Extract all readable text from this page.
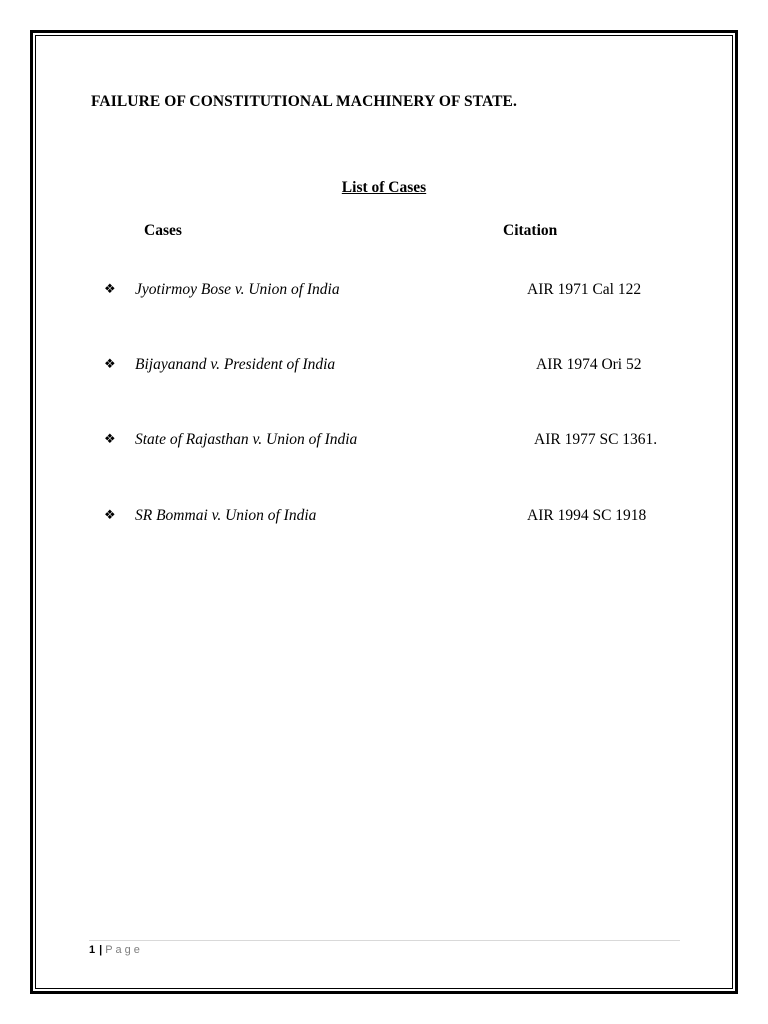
FAILURE OF CONSTITUTIONAL MACHINERY OF STATE.
List of Cases
Cases	Citation
❖ Jyotirmoy Bose v. Union of India	AIR 1971 Cal 122
❖ Bijayanand v. President of India	AIR 1974 Ori 52
❖ State of Rajasthan v. Union of India	AIR 1977 SC 1361.
❖ SR Bommai v. Union of India	AIR 1994 SC 1918
1 | Page
